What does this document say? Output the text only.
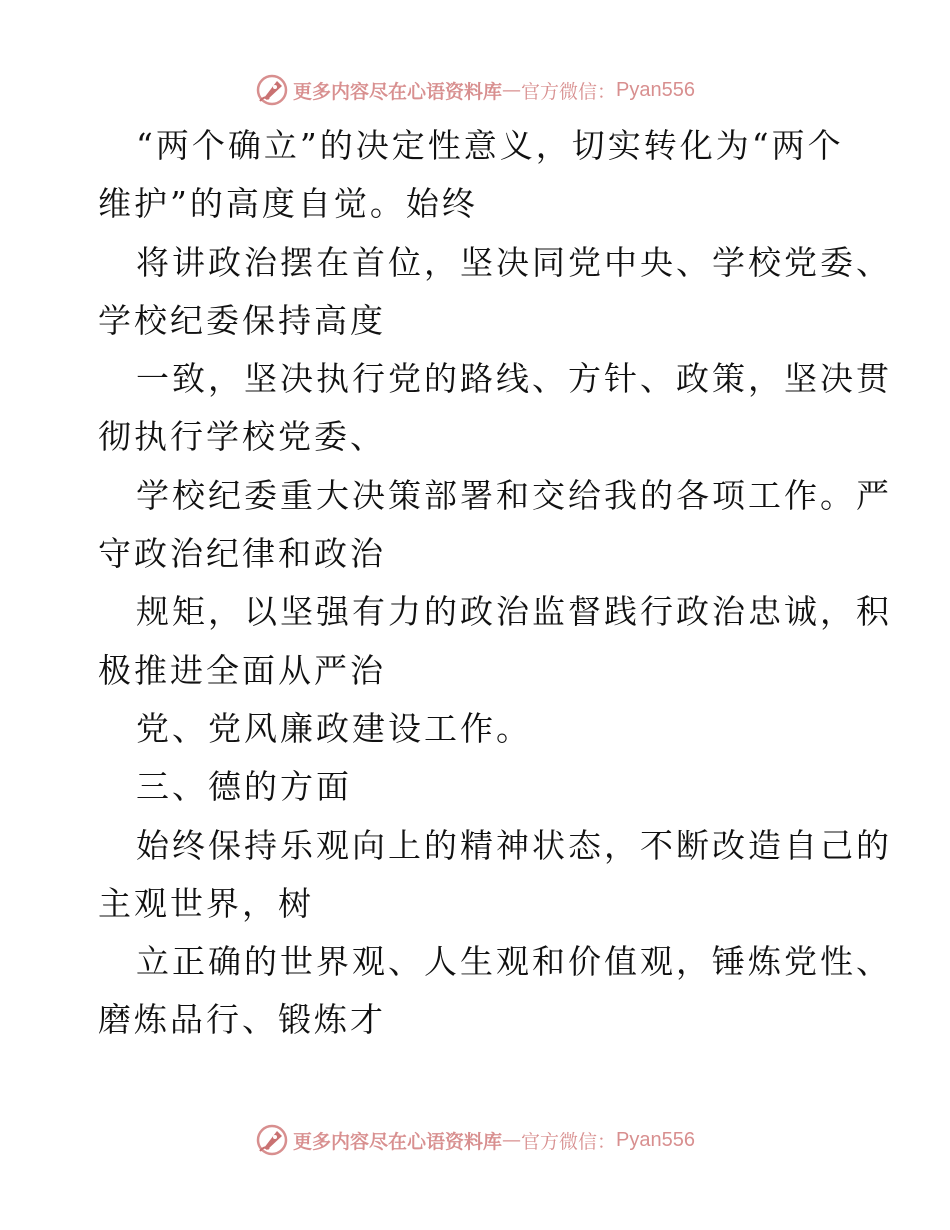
更多内容尽在心语资料库 — 官方微信： Pyan556
“两个确立”的决定性意义，切实转化为“两个
维护”的高度自觉。始终
将讲政治摆在首位，坚决同党中央、学校党委、
学校纪委保持高度
一致，坚决执行党的路线、方针、政策，坚决贯
彻执行学校党委、
学校纪委重大决策部署和交给我的各项工作。严
守政治纪律和政治
规矩，以坚强有力的政治监督践行政治忠诚，积
极推进全面从严治
党、党风廉政建设工作。
三、德的方面
始终保持乐观向上的精神状态，不断改造自己的
主观世界，树
立正确的世界观、人生观和价值观，锤炼党性、
磨炼品行、锻炼才
更多内容尽在心语资料库 — 官方微信： Pyan556
